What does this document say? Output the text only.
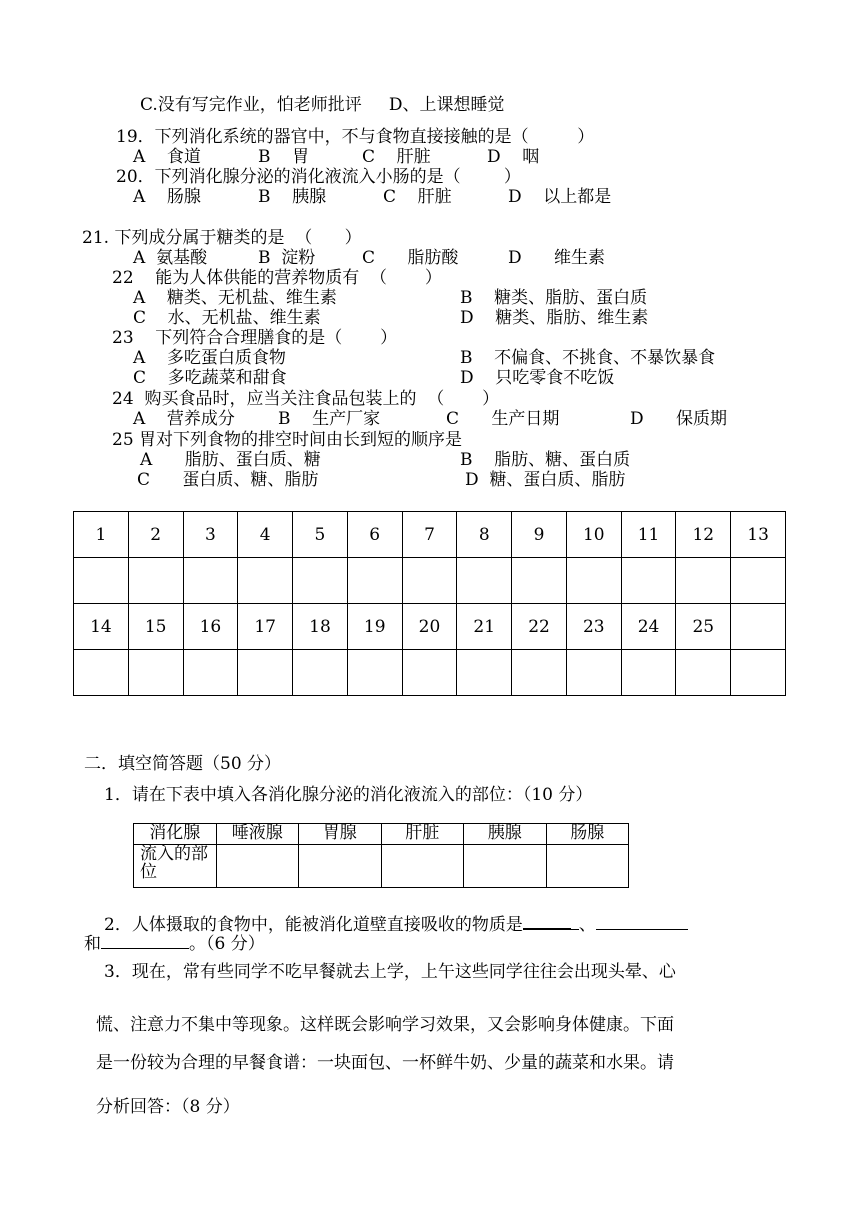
C.没有写完作业，怕老师批评     D、上课想睡觉
19．下列消化系统的器官中，不与食物直接接触的是（         ）
A    食道	B    胃	C    肝脏	D    咽
20．下列消化腺分泌的消化液流入小肠的是（        ）
A    肠腺	B    胰腺	C    肝脏	D    以上都是
21. 下列成分属于糖类的是  （      ）
A  氨基酸	B  淀粉	C      脂肪酸	D      维生素
22    能为人体供能的营养物质有  （       ）
A    糖类、无机盐、维生素	B    糖类、脂肪、蛋白质
C    水、无机盐、维生素	D    糖类、脂肪、维生素
23    下列符合合理膳食的是（       ）
A    多吃蛋白质食物	B    不偏食、不挑食、不暴饮暴食
C    多吃蔬菜和甜食	D    只吃零食不吃饭
24  购买食品时，应当关注食品包装上的  （       ）
A    营养成分	B    生产厂家	C      生产日期	D      保质期
25 胃对下列食物的排空时间由长到短的顺序是
A      脂肪、蛋白质、糖	B    脂肪、糖、蛋白质
C      蛋白质、糖、脂肪	D  糖、蛋白质、脂肪
1	2	3	4	5	6	7	8	9	10	11	12	13

14	15	16	17	18	19	20	21	22	23	24	25	

二．填空简答题（50 分）
1．请在下表中填入各消化腺分泌的消化液流入的部位：（10 分）
消化腺	唾液腺	胃腺	肝脏	胰腺	肠腺
流入的部
位					
2．人体摄取的食物中，能被消化道壁直接吸收的物质是	、
和	。（6 分）
3．现在，常有些同学不吃早餐就去上学，上午这些同学往往会出现头晕、心
慌、注意力不集中等现象。这样既会影响学习效果，又会影响身体健康。下面
是一份较为合理的早餐食谱：一块面包、一杯鲜牛奶、少量的蔬菜和水果。请
分析回答：（8 分）
